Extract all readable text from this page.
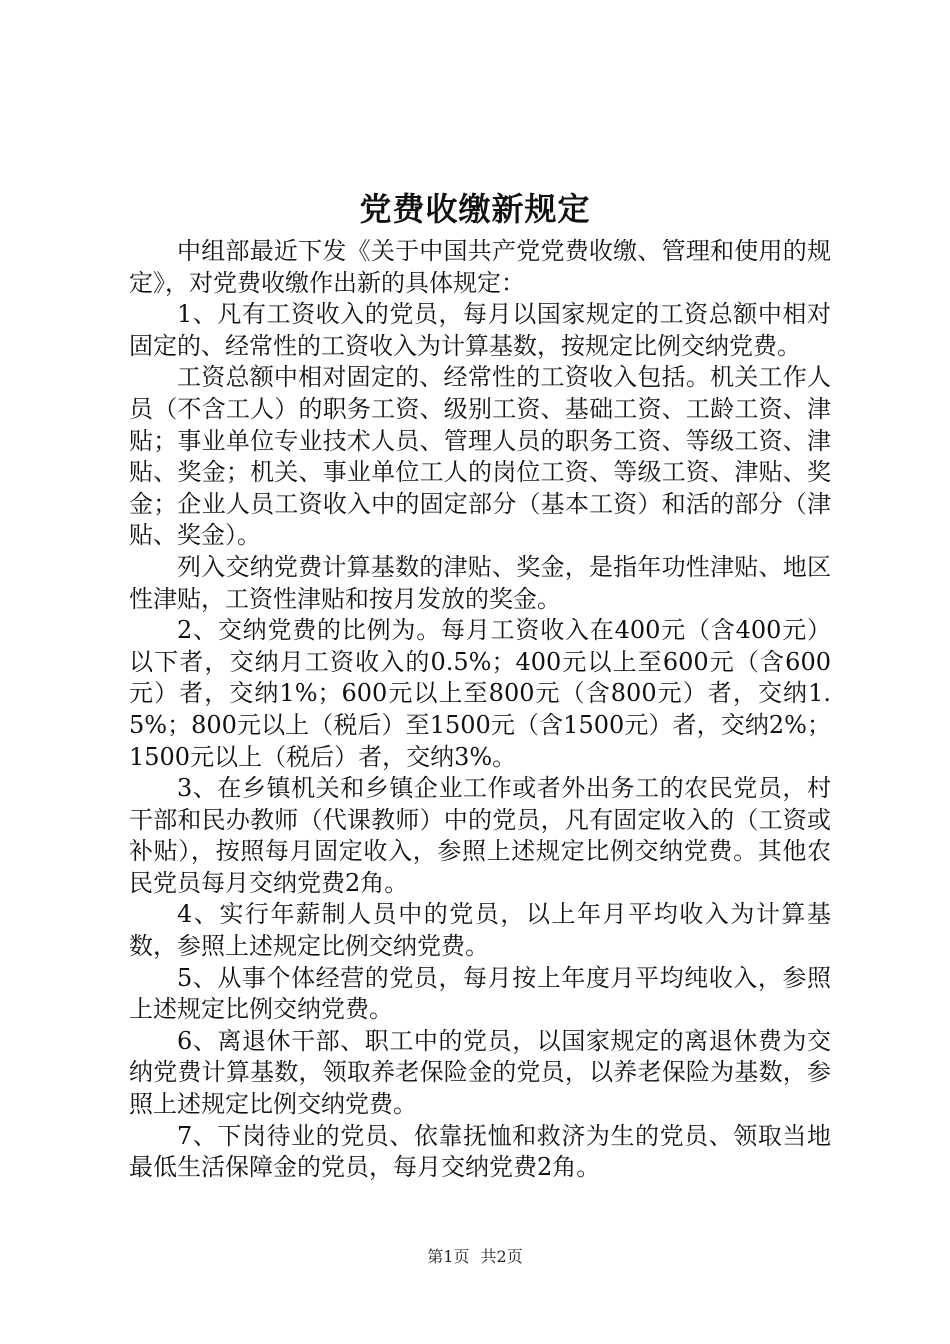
党费收缴新规定

中组部最近下发《关于中国共产党党费收缴、管理和使用的规定》，对党费收缴作出新的具体规定：

1、凡有工资收入的党员，每月以国家规定的工资总额中相对固定的、经常性的工资收入为计算基数，按规定比例交纳党费。

工资总额中相对固定的、经常性的工资收入包括。机关工作人员（不含工人）的职务工资、级别工资、基础工资、工龄工资、津贴；事业单位专业技术人员、管理人员的职务工资、等级工资、津贴、奖金；机关、事业单位工人的岗位工资、等级工资、津贴、奖金；企业人员工资收入中的固定部分（基本工资）和活的部分（津贴、奖金）。

列入交纳党费计算基数的津贴、奖金，是指年功性津贴、地区性津贴，工资性津贴和按月发放的奖金。

2、交纳党费的比例为。每月工资收入在400元（含400元）以下者，交纳月工资收入的0.5%；400元以上至600元（含600元）者，交纳1%；600元以上至800元（含800元）者，交纳1.5%；800元以上（税后）至1500元（含1500元）者，交纳2%；1500元以上（税后）者，交纳3%。

3、在乡镇机关和乡镇企业工作或者外出务工的农民党员，村干部和民办教师（代课教师）中的党员，凡有固定收入的（工资或补贴），按照每月固定收入，参照上述规定比例交纳党费。其他农民党员每月交纳党费2角。

4、实行年薪制人员中的党员，以上年月平均收入为计算基数，参照上述规定比例交纳党费。

5、从事个体经营的党员，每月按上年度月平均纯收入，参照上述规定比例交纳党费。

6、离退休干部、职工中的党员，以国家规定的离退休费为交纳党费计算基数，领取养老保险金的党员，以养老保险为基数，参照上述规定比例交纳党费。

7、下岗待业的党员、依靠抚恤和救济为生的党员、领取当地最低生活保障金的党员，每月交纳党费2角。

第1页 共2页
